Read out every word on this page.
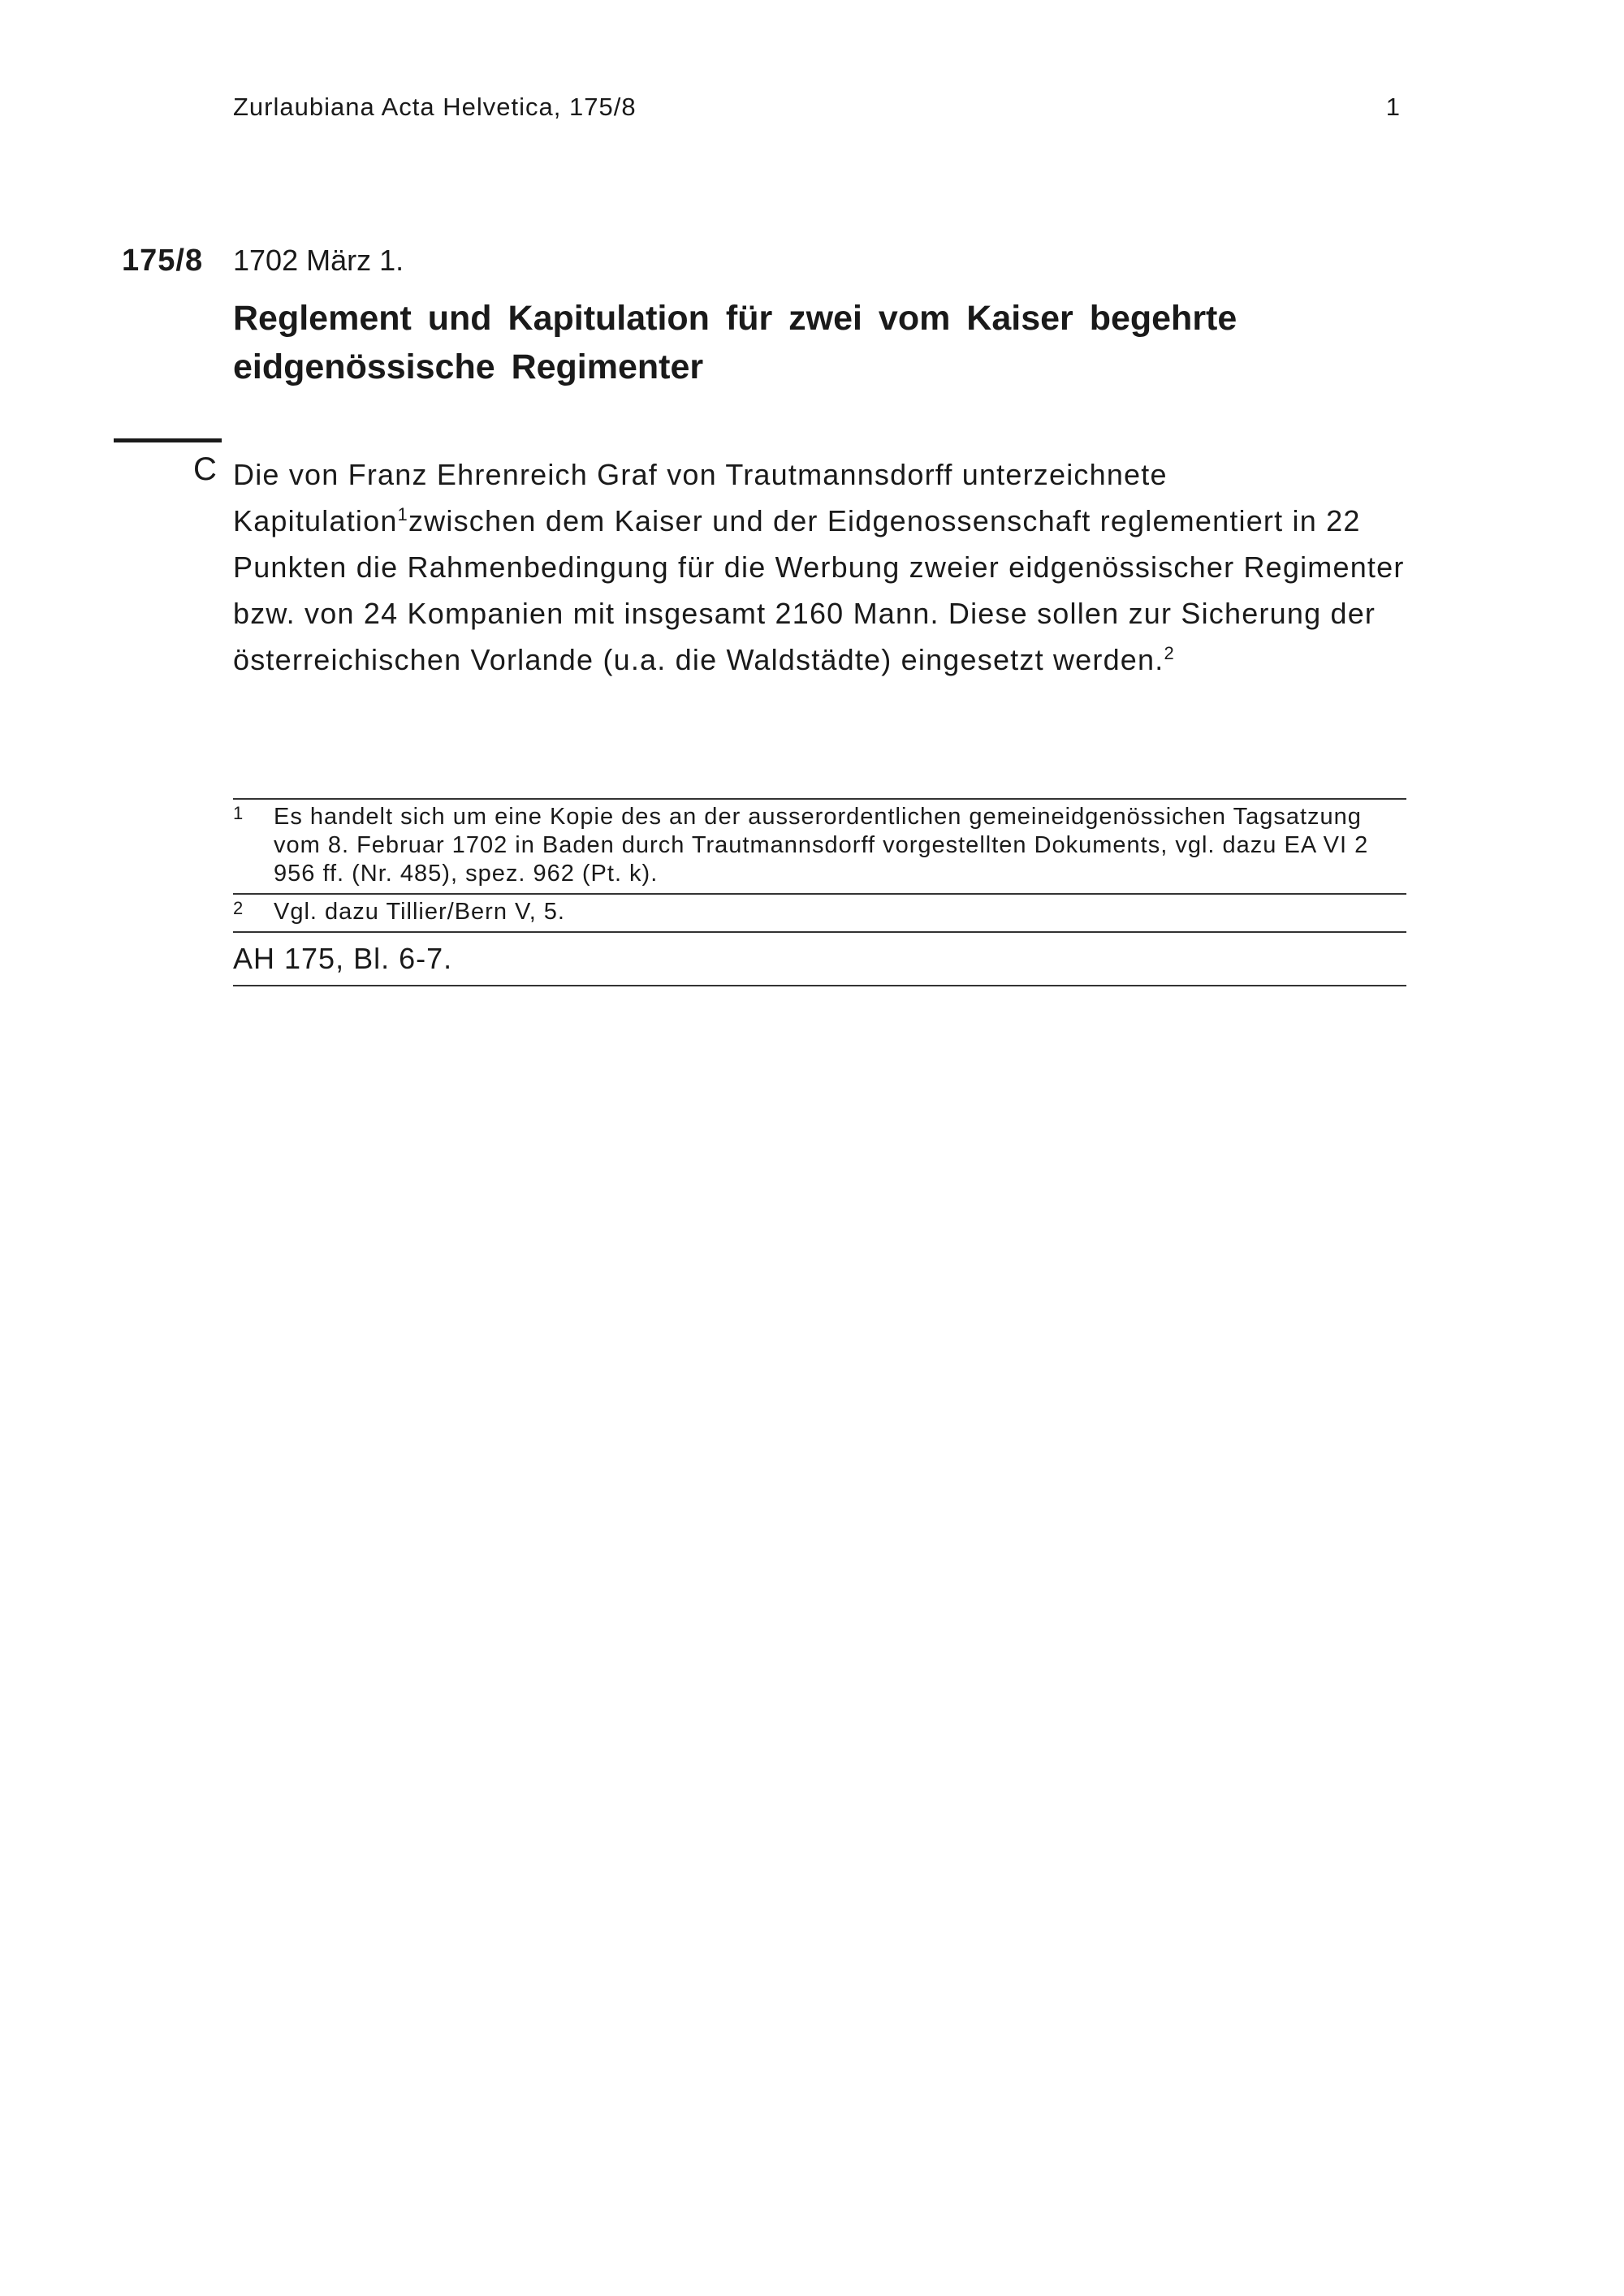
Zurlaubiana Acta Helvetica, 175/8	1
175/8 1702 März 1.
Reglement und Kapitulation für zwei vom Kaiser begehrte eidgenössische Regimenter
C Die von Franz Ehrenreich Graf von Trautmannsdorff unterzeichnete Kapitulation$^1$zwischen dem Kaiser und der Eidgenossenschaft reglementiert in 22 Punkten die Rahmenbedingung für die Werbung zweier eidgenössischer Regimenter bzw. von 24 Kompanien mit insgesamt 2160 Mann. Diese sollen zur Sicherung der österreichischen Vorlande (u.a. die Waldstädte) eingesetzt werden.$^2$

1	Es handelt sich um eine Kopie des an der ausserordentlichen gemeineidgenössichen Tagsatzung vom 8. Februar 1702 in Baden durch Trautmannsdorff vorgestellten Dokuments, vgl. dazu EA VI 2 956 ff. (Nr. 485), spez. 962 (Pt. k).
2	Vgl. dazu Tillier/Bern V, 5.
AH 175, Bl. 6-7.
